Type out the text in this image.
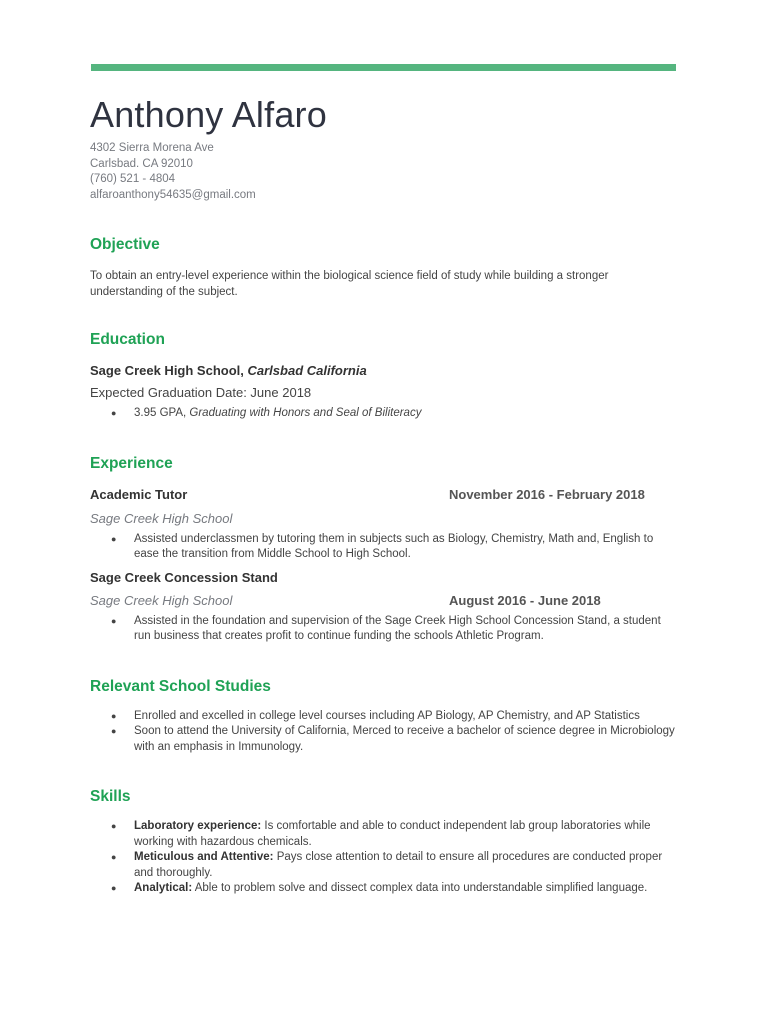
Anthony Alfaro
4302 Sierra Morena Ave
Carlsbad. CA 92010
(760) 521 - 4804
alfaroanthony54635@gmail.com
Objective
To obtain an entry-level experience within the biological science field of study while building a stronger understanding of the subject.
Education
Sage Creek High School, Carlsbad California
Expected Graduation Date: June 2018
● 3.95 GPA, Graduating with Honors and Seal of Biliteracy
Experience
Academic Tutor	November 2016 - February 2018
Sage Creek High School
● Assisted underclassmen by tutoring them in subjects such as Biology, Chemistry, Math and, English to ease the transition from Middle School to High School.
Sage Creek Concession Stand
Sage Creek High School	August 2016 - June 2018
● Assisted in the foundation and supervision of the Sage Creek High School Concession Stand, a student run business that creates profit to continue funding the schools Athletic Program.
Relevant School Studies
● Enrolled and excelled in college level courses including AP Biology, AP Chemistry, and AP Statistics
● Soon to attend the University of California, Merced to receive a bachelor of science degree in Microbiology with an emphasis in Immunology.
Skills
● Laboratory experience: Is comfortable and able to conduct independent lab group laboratories while working with hazardous chemicals.
● Meticulous and Attentive: Pays close attention to detail to ensure all procedures are conducted proper and thoroughly.
● Analytical: Able to problem solve and dissect complex data into understandable simplified language.
